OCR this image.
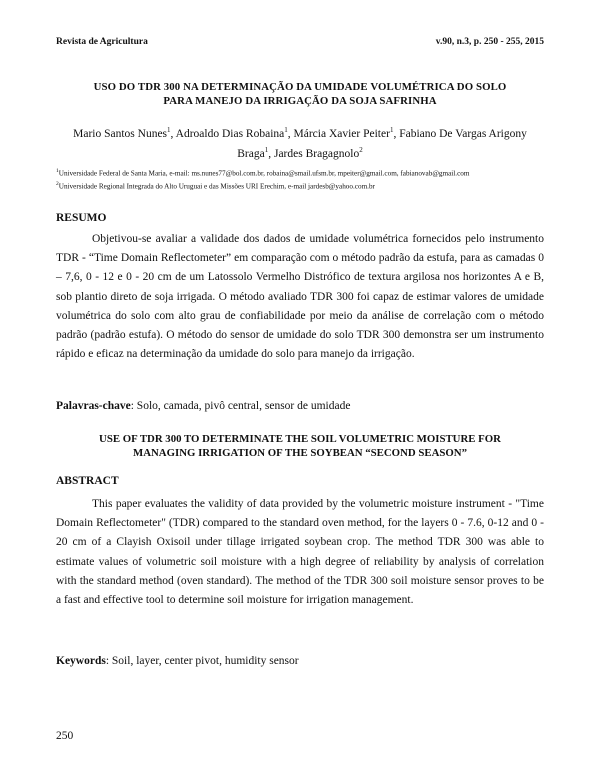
Revista de Agricultura	v.90, n.3, p. 250 - 255, 2015
USO DO TDR 300 NA DETERMINAÇÃO DA UMIDADE VOLUMÉTRICA DO SOLO
PARA MANEJO DA IRRIGAÇÃO DA SOJA SAFRINHA
Mario Santos Nunes$^1$, Adroaldo Dias Robaina$^1$, Márcia Xavier Peiter$^1$, Fabiano De Vargas Arigony Braga$^1$, Jardes Bragagnolo$^2$
$^1$Universidade Federal de Santa Maria, e-mail: ms.nunes77@bol.com.br, robaina@smail.ufsm.br, mpeiter@gmail.com, fabianovab@gmail.com
$^2$Universidade Regional Integrada do Alto Uruguai e das Missões URI Erechim, e-mail jardesb@yahoo.com.br
RESUMO

Objetivou-se avaliar a validade dos dados de umidade volumétrica fornecidos pelo instrumento TDR - “Time Domain Reflectometer” em comparação com o método padrão da estufa, para as camadas 0 – 7,6, 0 - 12 e 0 - 20 cm de um Latossolo Vermelho Distrófico de textura argilosa nos horizontes A e B, sob plantio direto de soja irrigada. O método avaliado TDR 300 foi capaz de estimar valores de umidade volumétrica do solo com alto grau de confiabilidade por meio da análise de correlação com o método padrão (padrão estufa). O método do sensor de umidade do solo TDR 300 demonstra ser um instrumento rápido e eficaz na determinação da umidade do solo para manejo da irrigação.

Palavras-chave: Solo, camada, pivô central, sensor de umidade
USE OF TDR 300 TO DETERMINATE THE SOIL VOLUMETRIC MOISTURE FOR
MANAGING IRRIGATION OF THE SOYBEAN “SECOND SEASON”
ABSTRACT

This paper evaluates the validity of data provided by the volumetric moisture instrument - "Time Domain Reflectometer" (TDR) compared to the standard oven method, for the layers 0 - 7.6, 0-12 and 0 - 20 cm of a Clayish Oxisoil under tillage irrigated soybean crop. The method TDR 300 was able to estimate values of volumetric soil moisture with a high degree of reliability by analysis of correlation with the standard method (oven standard). The method of the TDR 300 soil moisture sensor proves to be a fast and effective tool to determine soil moisture for irrigation management.

Keywords: Soil, layer, center pivot, humidity sensor
250
